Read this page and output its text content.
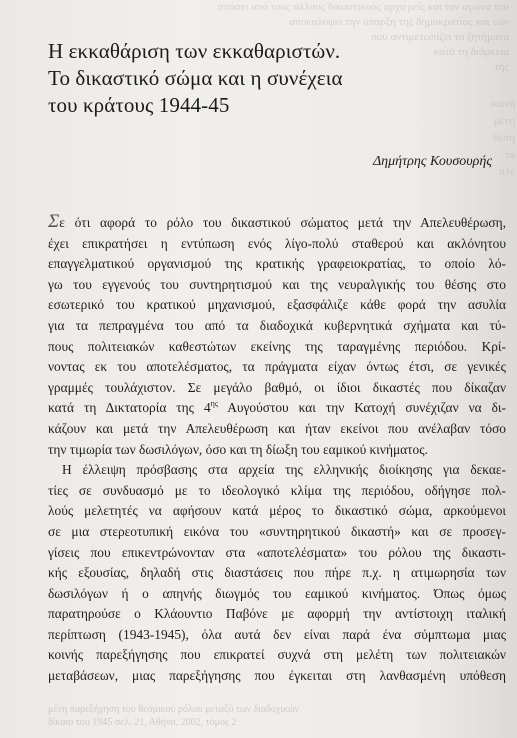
σπάσει από τους άλλους δικαστικούς αρχιερείς και τον αγώνα του
αποκαλύψει την ύπαρξη της δημοκρατίας και των
που αντιμετωπίζει τα ζητήματα
κατά τη διάρκεια
της
ικανή
μένη
θέση
τα
πλε
Η εκκαθάριση των εκκαθαριστών.
Το δικαστικό σώμα και η συνέχεια
του κράτους 1944-45
Δημήτρης Κουσουρής
Σε ότι αφορά το ρόλο του δικαστικού σώματος μετά την Απελευθέρωση,
έχει επικρατήσει η εντύπωση ενός λίγο-πολύ σταθερού και ακλόνητου
επαγγελματικού οργανισμού της κρατικής γραφειοκρατίας, το οποίο λό-
γω του εγγενούς του συντηρητισμού και της νευραλγικής του θέσης στο
εσωτερικό του κρατικού μηχανισμού, εξασφάλιζε κάθε φορά την ασυλία
για τα πεπραγμένα του από τα διαδοχικά κυβερνητικά σχήματα και τύ-
πους πολιτειακών καθεστώτων εκείνης της ταραγμένης περιόδου. Κρί-
νοντας εκ του αποτελέσματος, τα πράγματα είχαν όντως έτσι, σε γενικές
γραμμές τουλάχιστον. Σε μεγάλο βαθμό, οι ίδιοι δικαστές που δίκαζαν
κατά τη Δικτατορία της $4^{\eta\varsigma}$ Αυγούστου και την Κατοχή συνέχιζαν να δι-
κάζουν και μετά την Απελευθέρωση και ήταν εκείνοι που ανέλαβαν τόσο
την τιμωρία των δωσιλόγων, όσο και τη δίωξη του εαμικού κινήματος.
Η έλλειψη πρόσβασης στα αρχεία της ελληνικής διοίκησης για δεκαε-
τίες σε συνδυασμό με το ιδεολογικό κλίμα της περιόδου, οδήγησε πολ-
λούς μελετητές να αφήσουν κατά μέρος το δικαστικό σώμα, αρκούμενοι
σε μια στερεοτυπική εικόνα του «συντηρητικού δικαστή» και σε προσεγ-
γίσεις που επικεντρώνονταν στα «αποτελέσματα» του ρόλου της δικαστι-
κής εξουσίας, δηλαδή στις διαστάσεις που πήρε π.χ. η ατιμωρησία των
δωσιλόγων ή ο απηνής διωγμός του εαμικού κινήματος. Όπως όμως
παρατηρούσε ο Κλάουντιο Παβόνε με αφορμή την αντίστοιχη ιταλική
περίπτωση (1943-1945), όλα αυτά δεν είναι παρά ένα σύμπτωμα μιας
κοινής παρεξήγησης που επικρατεί συχνά στη μελέτη των πολιτειακών
μεταβάσεων, μιας παρεξήγησης που έγκειται στη λανθασμένη υπόθεση
μένη παρεξήγηση του θεσμικού ρόλου μεταξύ των διαδοχικών
δίκαιο του 1945 σελ. 21, Αθήνα, 2002, τόμος 2
